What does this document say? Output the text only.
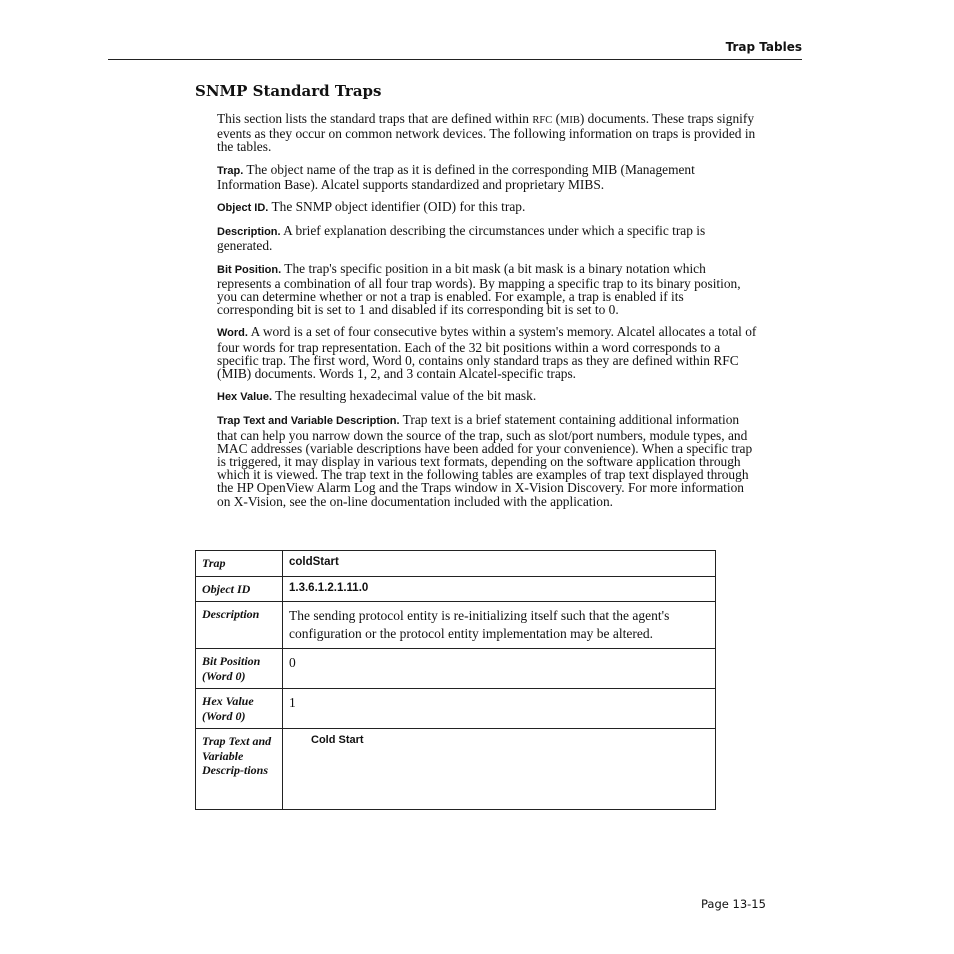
Trap Tables
SNMP Standard Traps

This section lists the standard traps that are defined within RFC (MIB) documents. These traps signify events as they occur on common network devices. The following information on traps is provided in the tables.

Trap. The object name of the trap as it is defined in the corresponding MIB (Management Information Base). Alcatel supports standardized and proprietary MIBS.

Object ID. The SNMP object identifier (OID) for this trap.

Description. A brief explanation describing the circumstances under which a specific trap is generated.

Bit Position. The trap's specific position in a bit mask (a bit mask is a binary notation which represents a combination of all four trap words). By mapping a specific trap to its binary position, you can determine whether or not a trap is enabled. For example, a trap is enabled if its corresponding bit is set to 1 and disabled if its corresponding bit is set to 0.

Word. A word is a set of four consecutive bytes within a system's memory. Alcatel allocates a total of four words for trap representation. Each of the 32 bit positions within a word corresponds to a specific trap. The first word, Word 0, contains only standard traps as they are defined within RFC (MIB) documents. Words 1, 2, and 3 contain Alcatel-specific traps.

Hex Value. The resulting hexadecimal value of the bit mask.

Trap Text and Variable Description. Trap text is a brief statement containing additional information that can help you narrow down the source of the trap, such as slot/port numbers, module types, and MAC addresses (variable descriptions have been added for your convenience). When a specific trap is triggered, it may display in various text formats, depending on the software application through which it is viewed. The trap text in the following tables are examples of trap text displayed through the HP OpenView Alarm Log and the Traps window in X-Vision Discovery. For more information on X-Vision, see the on-line documentation included with the application.

Trap	coldStart
Object ID	1.3.6.1.2.1.11.0
Description	The sending protocol entity is re-initializing itself such that the agent's configuration or the protocol entity implementation may be altered.
Bit Position (Word 0)	0
Hex Value (Word 0)	1
Trap Text and Variable Descrip-tions	Cold Start
Page 13-15
